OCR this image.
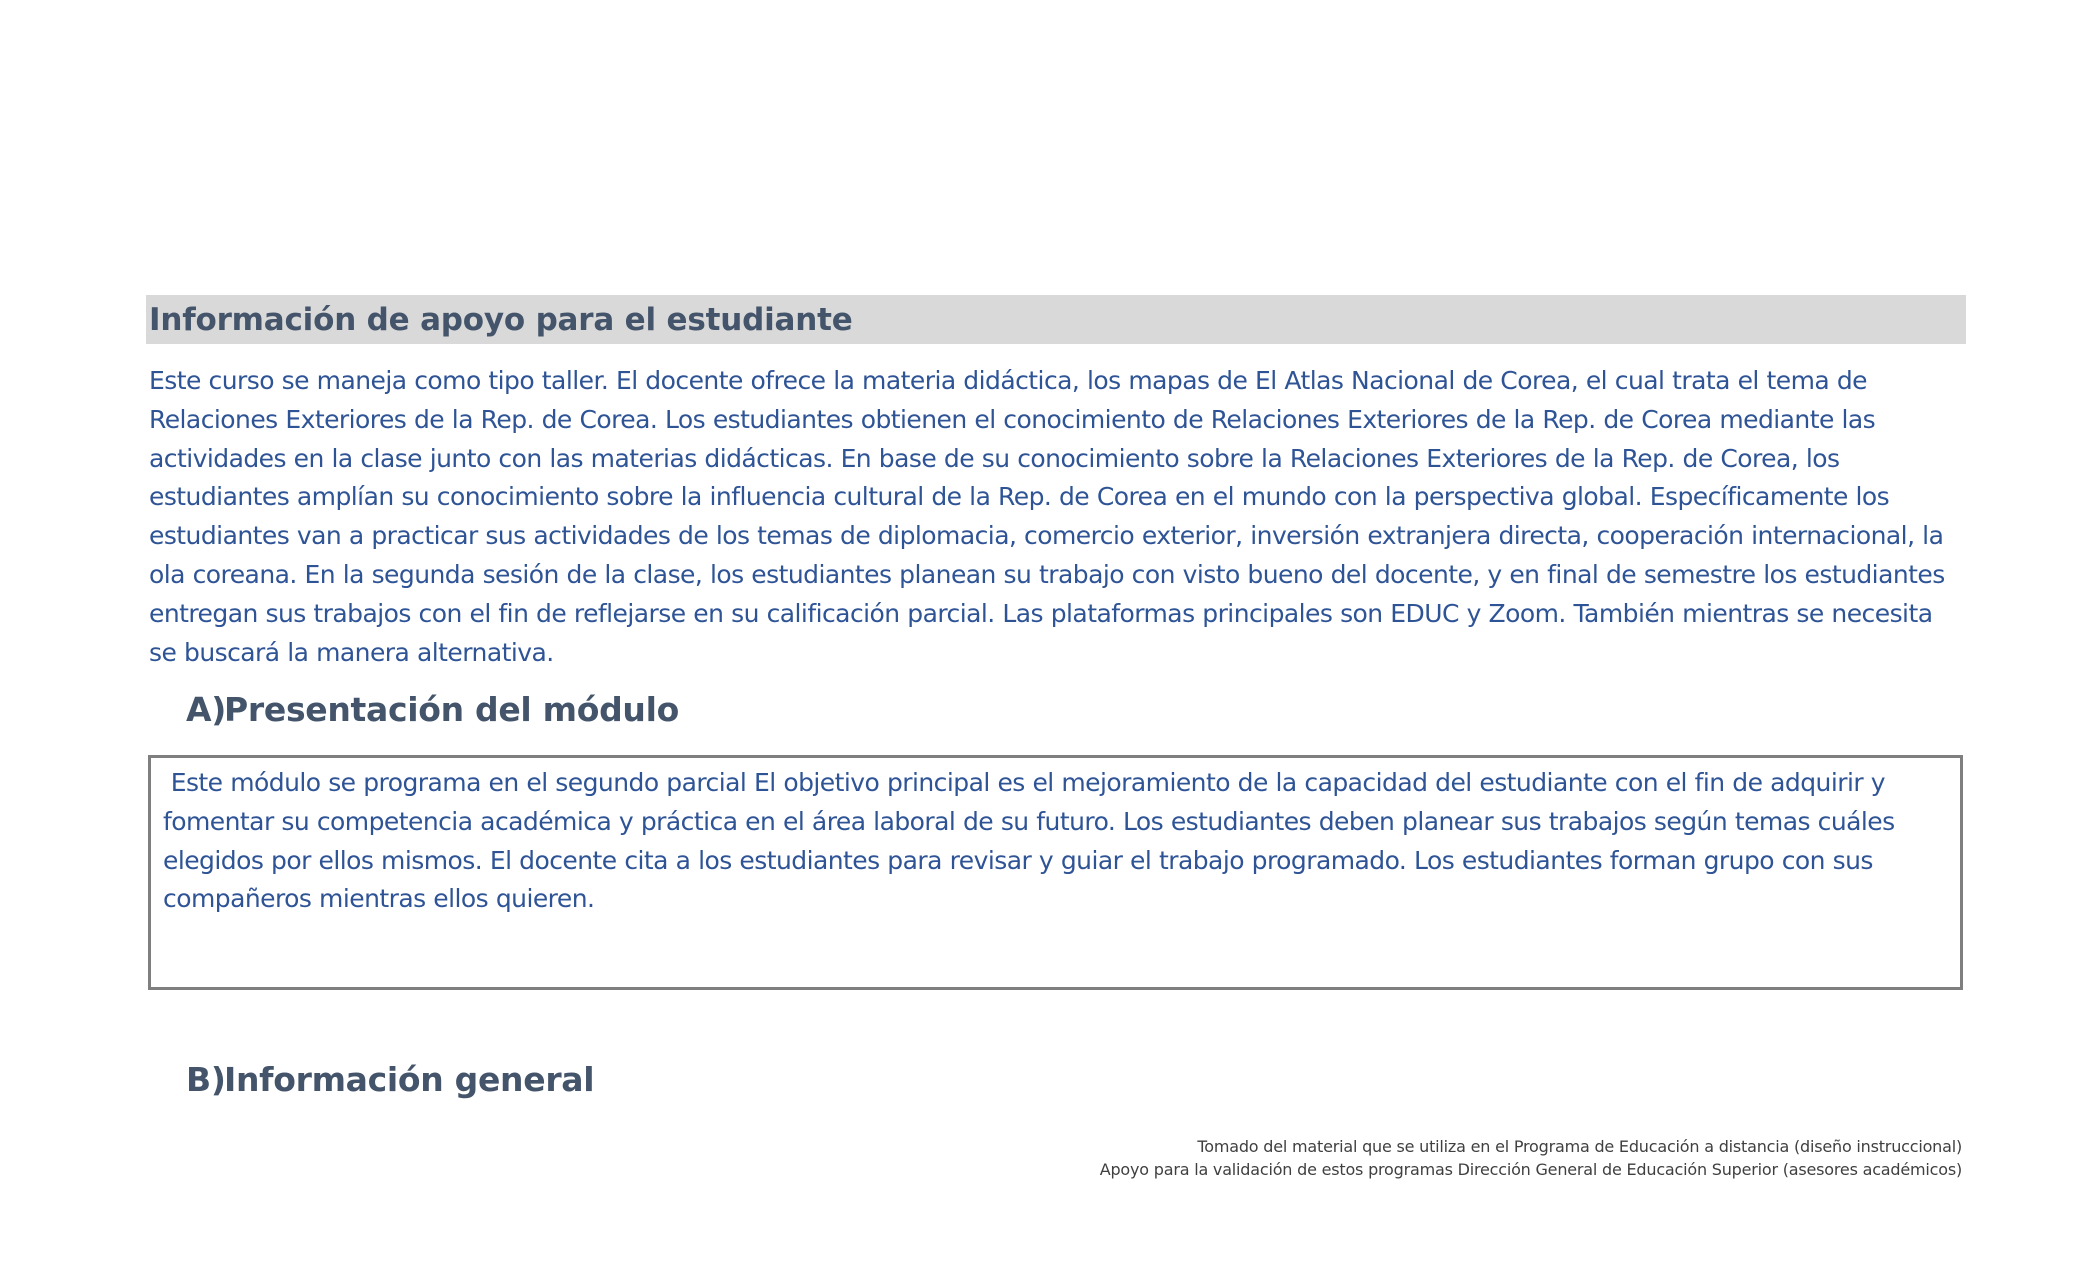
Información de apoyo para el estudiante

Este curso se maneja como tipo taller. El docente ofrece la materia didáctica, los mapas de El Atlas Nacional de Corea, el cual trata el tema de Relaciones Exteriores de la Rep. de Corea. Los estudiantes obtienen el conocimiento de Relaciones Exteriores de la Rep. de Corea mediante las actividades en la clase junto con las materias didácticas. En base de su conocimiento sobre la Relaciones Exteriores de la Rep. de Corea, los estudiantes amplían su conocimiento sobre la influencia cultural de la Rep. de Corea en el mundo con la perspectiva global. Específicamente los estudiantes van a practicar sus actividades de los temas de diplomacia, comercio exterior, inversión extranjera directa, cooperación internacional, la ola coreana. En la segunda sesión de la clase, los estudiantes planean su trabajo con visto bueno del docente, y en final de semestre los estudiantes entregan sus trabajos con el fin de reflejarse en su calificación parcial. Las plataformas principales son EDUC y Zoom. También mientras se necesita se buscará la manera alternativa.

A)
Presentación del módulo

Este módulo se programa en el segundo parcial El objetivo principal es el mejoramiento de la capacidad del estudiante con el fin de adquirir y fomentar su competencia académica y práctica en el área laboral de su futuro. Los estudiantes deben planear sus trabajos según temas cuáles elegidos por ellos mismos. El docente cita a los estudiantes para revisar y guiar el trabajo programado. Los estudiantes forman grupo con sus compañeros mientras ellos quieren.

B)
Información general
Tomado del material que se utiliza en el Programa de Educación a distancia (diseño instruccional)
Apoyo para la validación de estos programas Dirección General de Educación Superior (asesores académicos)
